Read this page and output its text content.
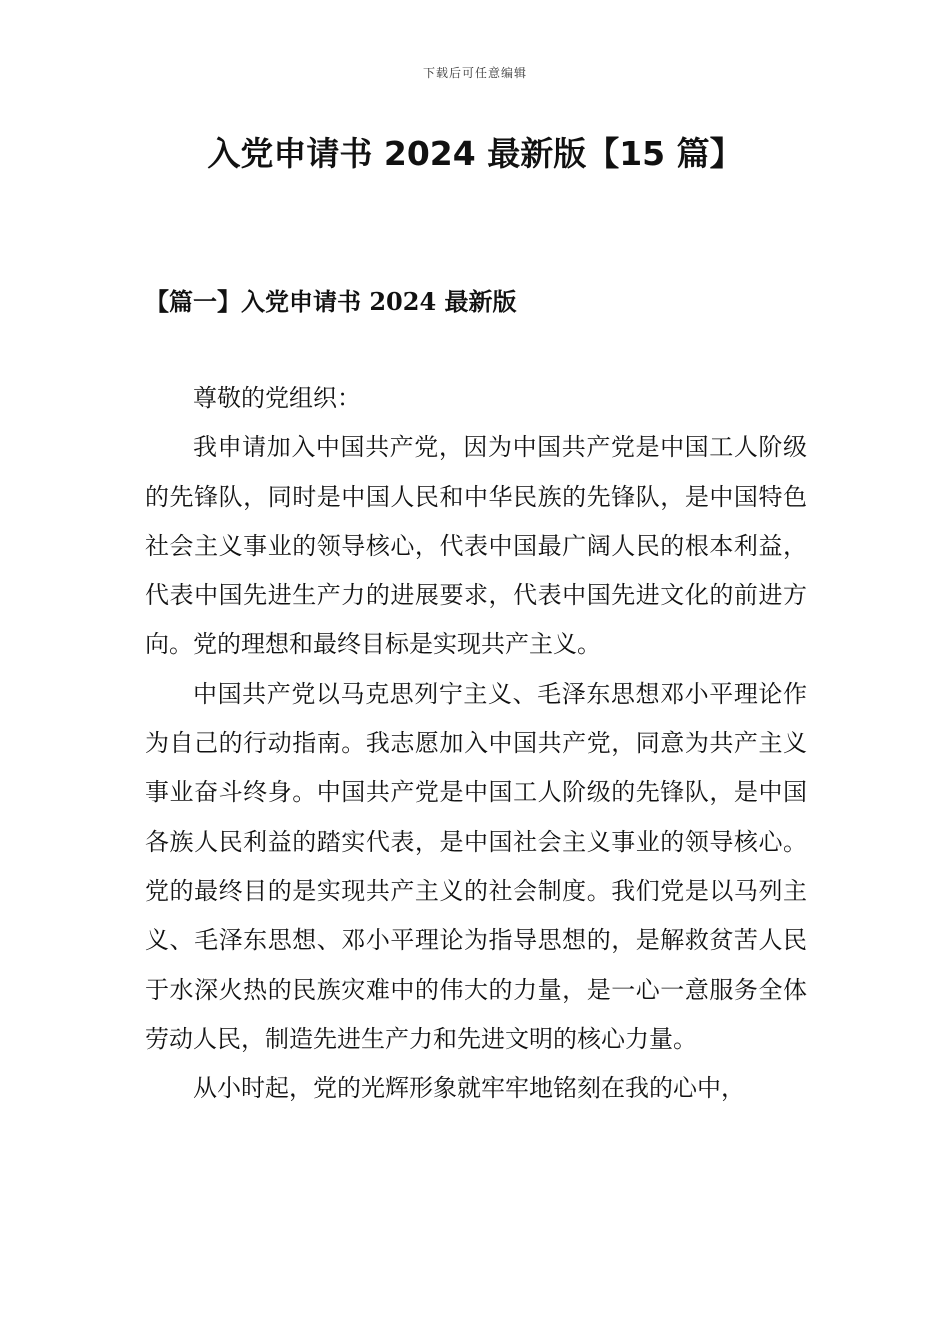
下载后可任意编辑
入党申请书 2024 最新版【15 篇】
【篇一】入党申请书 2024 最新版

尊敬的党组织：

我申请加入中国共产党，因为中国共产党是中国工人阶级的先锋队，同时是中国人民和中华民族的先锋队，是中国特色社会主义事业的领导核心，代表中国最广阔人民的根本利益，代表中国先进生产力的进展要求，代表中国先进文化的前进方向。党的理想和最终目标是实现共产主义。

中国共产党以马克思列宁主义、毛泽东思想邓小平理论作为自己的行动指南。我志愿加入中国共产党，同意为共产主义事业奋斗终身。中国共产党是中国工人阶级的先锋队，是中国各族人民利益的踏实代表，是中国社会主义事业的领导核心。党的最终目的是实现共产主义的社会制度。我们党是以马列主义、毛泽东思想、邓小平理论为指导思想的，是解救贫苦人民于水深火热的民族灾难中的伟大的力量，是一心一意服务全体劳动人民，制造先进生产力和先进文明的核心力量。

从小时起，党的光辉形象就牢牢地铭刻在我的心中，
